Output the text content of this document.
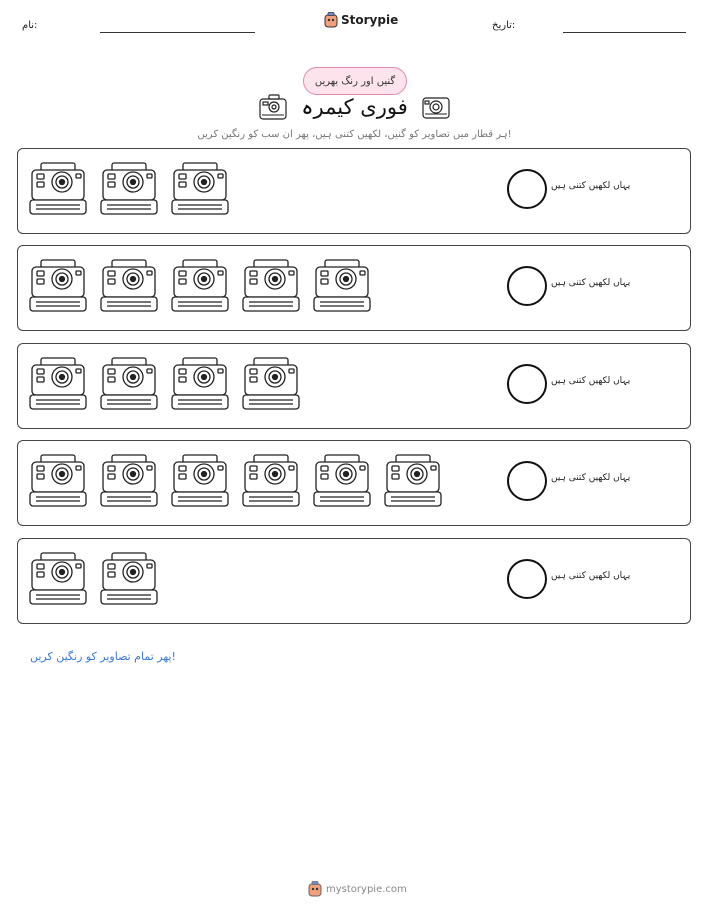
نام:	Storypie	تاریخ:
گنیں اور رنگ بھریں
فوری کیمرہ
ہر قطار میں تصاویر کو گنیں، لکھیں کتنی ہیں، پھر ان سب کو رنگین کریں!
یہاں لکھیں کتنی ہیں
یہاں لکھیں کتنی ہیں
یہاں لکھیں کتنی ہیں
یہاں لکھیں کتنی ہیں
یہاں لکھیں کتنی ہیں
پھر تمام تصاویر کو رنگین کریں!
mystorypie.com
